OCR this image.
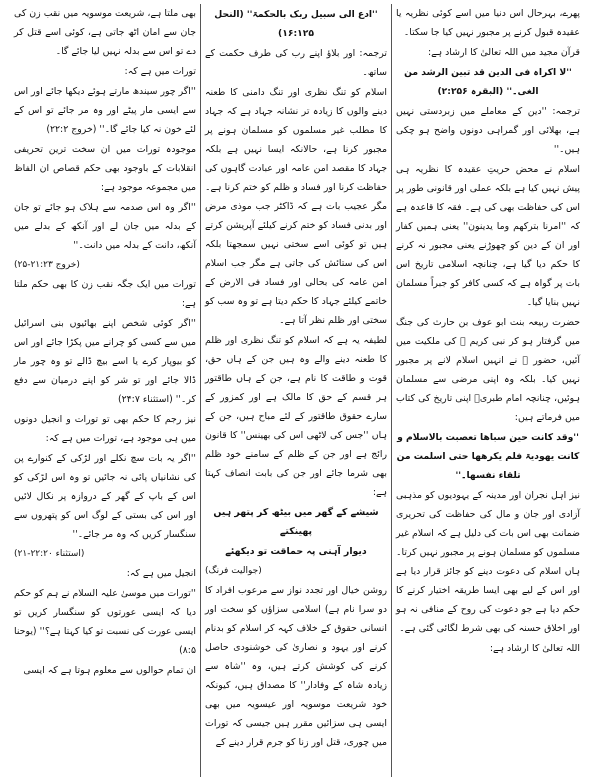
پھرے، بہرحال اس دنیا میں اسے کوئی نظریہ یا عقیدہ قبول کرنے پر مجبور نہیں کیا جا سکتا۔

قرآن مجید میں اللہ تعالیٰ کا ارشاد ہے:

''لا اکراہ فی الدین قد تبین الرشد من الغی۔'' (البقرہ ۲:۲۵۶)

ترجمہ: ''دین کے معاملے میں زبردستی نہیں ہے، بھلائی اور گمراہی دونوں واضح ہو چکی ہیں۔''

اسلام نے محض حریتِ عقیدہ کا نظریہ ہی پیش نہیں کیا ہے بلکہ عملی اور قانونی طور پر اس کی حفاظت بھی کی ہے۔ فقہ کا قاعدہ ہے کہ ''امرنا بترکھم وما یدینون'' یعنی ہمیں کفار اور ان کے دین کو چھوڑنے یعنی مجبور نہ کرنے کا حکم دیا گیا ہے، چنانچہ اسلامی تاریخ اس بات پر گواہ ہے کہ کسی کافر کو جبراً مسلمان نہیں بنایا گیا۔

حضرت ربیعہ بنت ابو عوف بن حارث کی جنگ میں گرفتار ہو کر نبی کریم ﷺ کی ملکیت میں آئیں، حضور ﷺ نے انہیں اسلام لانے پر مجبور نہیں کیا۔ بلکہ وہ اپنی مرضی سے مسلمان ہوئیں، چنانچہ امام طبریؒ اپنی تاریخ کی کتاب میں فرماتے ہیں:

''وقد کانت حین سباھا تعصبت بالاسلام و کانت یھودیۃ فلم یکرھھا حتی اسلمت من تلقاء نفسھا۔''

نیز اہل نجران اور مدینہ کے یہودیوں کو مذہبی آزادی اور جان و مال کی حفاظت کی تحریری ضمانت بھی اس بات کی دلیل ہے کہ اسلام غیر مسلموں کو مسلمان ہونے پر مجبور نہیں کرتا۔ ہاں اسلام کی دعوت دینے کو جائز قرار دیا ہے اور اس کے لیے بھی ایسا طریقہ اختیار کرنے کا حکم دیا ہے جو دعوت کی روح کے منافی نہ ہو اور اخلاق حسنہ کی بھی شرط لگائی گئی ہے۔

اللہ تعالیٰ کا ارشاد ہے:

''ادع الی سبیل ربک بالحکمۃ'' (النحل ۱۶:۱۲۵)

ترجمہ: اور بلاؤ اپنے رب کی طرف حکمت کے ساتھ۔

اسلام کو تنگ نظری اور تنگ دامنی کا طعنہ دینے والوں کا زیادہ تر نشانہ جہاد ہے کہ جہاد کا مطلب غیر مسلموں کو مسلمان ہونے پر مجبور کرنا ہے، حالانکہ ایسا نہیں ہے بلکہ جہاد کا مقصد امن عامہ اور عبادت گاہوں کی حفاظت کرنا اور فساد و ظلم کو ختم کرنا ہے۔ مگر عجیب بات ہے کہ ڈاکٹر جب موذی مرض اور بدنی فساد کو ختم کرنے کیلئے آپریشن کرتے ہیں تو کوئی اسے سختی نہیں سمجھتا بلکہ اس کی ستائش کی جاتی ہے مگر جب اسلام امن عامہ کی بحالی اور فساد فی الارض کے خاتمے کیلئے جہاد کا حکم دیتا ہے تو وہ سب کو سختی اور ظلم نظر آتا ہے۔

لطیفہ یہ ہے کہ اسلام کو تنگ نظری اور ظلم کا طعنہ دینے والے وہ ہیں جن کے ہاں حق، قوت و طاقت کا نام ہے، جن کے ہاں طاقتور ہر قسم کے حق کا مالک ہے اور کمزور کے سارے حقوق طاقتور کے لئے مباح ہیں، جن کے ہاں ''جس کی لاٹھی اس کی بھینس'' کا قانون رائج ہے اور جن کے ظلم کے سامنے خود ظلم بھی شرما جائے اور جن کی بابت انصاف کہتا ہے:

شیشے کے گھر میں بیٹھ کر پتھر ہیں پھینکتے

دیوار آہنی پہ حماقت تو دیکھئے

(جوالیت فرنگ)

روشن خیال اور تجدد نواز سے مرعوب افراد کا دو سرا نام ہے) اسلامی سزاؤں کو سخت اور انسانی حقوق کے خلاف کہہ کر اسلام کو بدنام کرنے اور یہود و نصاریٰ کی خوشنودی حاصل کرنے کی کوشش کرتے ہیں، وہ ''شاہ سے زیادہ شاہ کے وفادار'' کا مصداق ہیں، کیونکہ خود شریعت موسویہ اور عیسویہ میں بھی ایسی ہی سزائیں مقرر ہیں جیسی کہ تورات میں چوری، قتل اور زنا کو جرم قرار دینے کے

بھی ملتا ہے، شریعت موسویہ میں نقب زن کی جان سے امان اٹھ جاتی ہے، کوئی اسے قتل کر دے تو اس سے بدلہ نہیں لیا جائے گا۔

تورات میں ہے کہ:

''اگر چور سیندھ مارتے ہوئے دیکھا جائے اور اس سے ایسی مار پیٹے اور وہ مر جائے تو اس کے لئے خون نہ کیا جائے گا۔'' (خروج ۲۲:۲)

موجودہ تورات میں ان سخت ترین تحریفی انقلابات کے باوجود بھی حکم قصاص ان الفاظ میں مجموعہ موجود ہے:

''اگر وہ اس صدمہ سے ہلاک ہو جائے تو جان کے بدلہ میں جان لے اور آنکھ کے بدلے میں آنکھ، دانت کے بدلہ میں دانت۔''

(خروج ۲۱:۲۳-۲۵)

تورات میں ایک جگہ نقب زن کا بھی حکم ملتا ہے:

''اگر کوئی شخص اپنے بھائیوں بنی اسرائیل میں سے کسی کو چرانے میں پکڑا جائے اور اس کو بیوپار کرے یا اسے بیچ ڈالے تو وہ چور مار ڈالا جائے اور تو شر کو اپنے درمیان سے دفع کر۔'' (استثناء ۲۴:۷)

نیز رجم کا حکم بھی تو تورات و انجیل دونوں میں ہی موجود ہے، تورات میں ہے کہ:

''اگر یہ بات سچ نکلے اور لڑکی کے کنوارے پن کی نشانیاں پائی نہ جائیں تو وہ اس لڑکی کو اس کے باپ کے گھر کے دروازہ پر نکال لائیں اور اس کی بستی کے لوگ اس کو پتھروں سے سنگسار کریں کہ وہ مر جائے۔''

(استثناء ۲۲:۲۰-۲۱)

انجیل میں ہے کہ:

''تورات میں موسیٰ علیہ السلام نے ہم کو حکم دیا کہ ایسی عورتوں کو سنگسار کریں تو ایسی عورت کی نسبت تو کیا کہتا ہے؟'' (یوحنا ۸:۵)

ان تمام حوالوں سے معلوم ہوتا ہے کہ ایسی
